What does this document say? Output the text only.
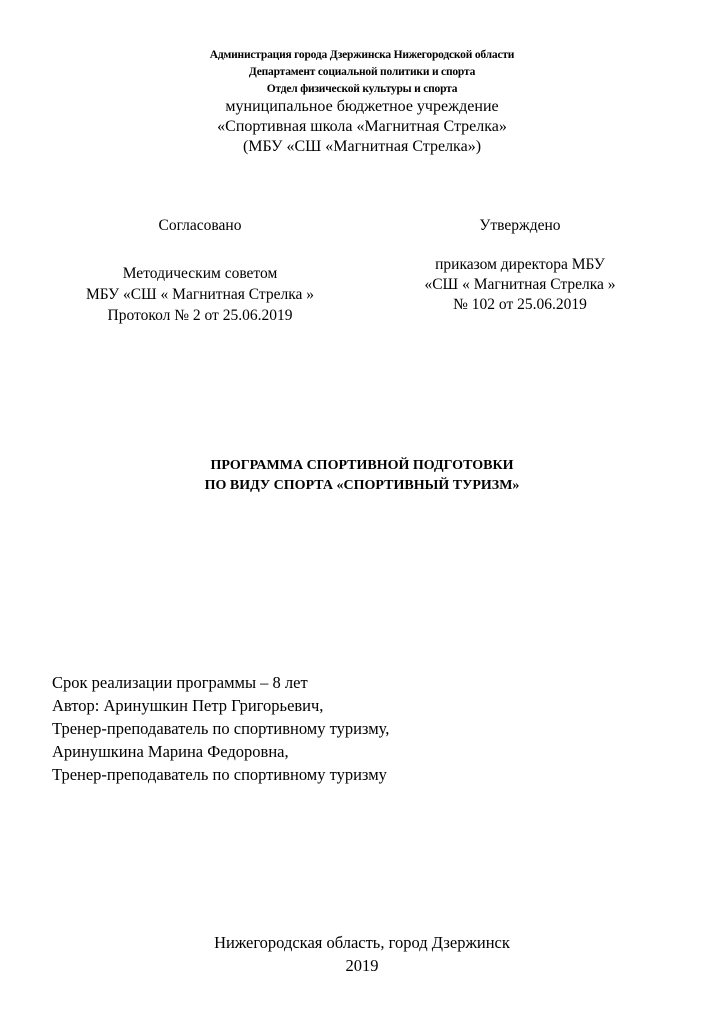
Администрация города Дзержинска Нижегородской области
Департамент социальной политики и спорта
Отдел физической культуры и спорта
муниципальное бюджетное учреждение
«Спортивная школа «Магнитная Стрелка»
(МБУ «СШ «Магнитная Стрелка»)
Согласовано
Методическим советом
МБУ «СШ « Магнитная Стрелка »
Протокол № 2 от 25.06.2019
Утверждено
приказом директора МБУ
«СШ « Магнитная Стрелка »
№ 102 от 25.06.2019
ПРОГРАММА СПОРТИВНОЙ ПОДГОТОВКИ
ПО ВИДУ СПОРТА «СПОРТИВНЫЙ ТУРИЗМ»
Срок реализации программы – 8 лет
Автор: Аринушкин Петр Григорьевич,
Тренер-преподаватель по спортивному туризму,
Аринушкина Марина Федоровна,
Тренер-преподаватель по спортивному туризму
Нижегородская область, город Дзержинск
2019
